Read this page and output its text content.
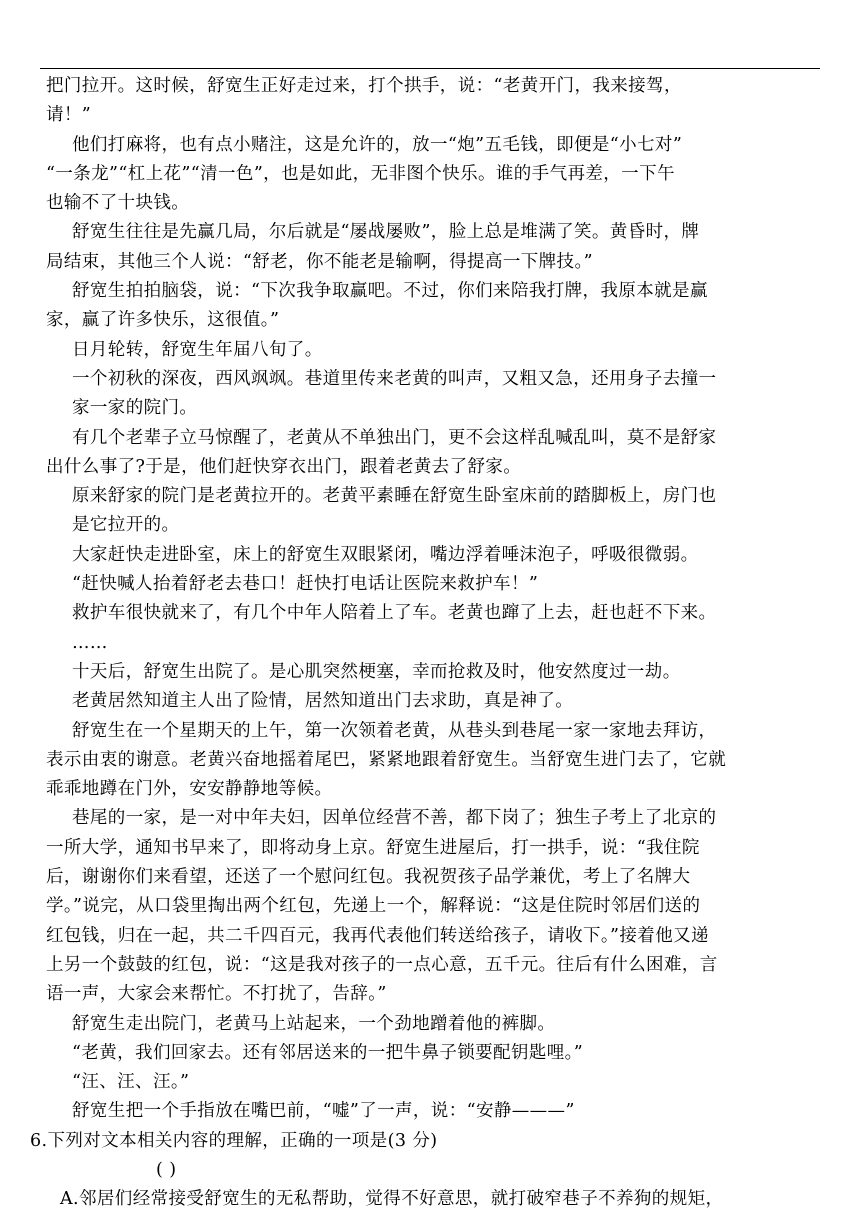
把门拉开。这时候，舒宽生正好走过来，打个拱手，说：“老黄开门，我来接驾，
请！”
他们打麻将，也有点小赌注，这是允许的，放一“炮”五毛钱，即便是“小七对”
“一条龙”“杠上花”“清一色”，也是如此，无非图个快乐。谁的手气再差，一下午
也输不了十块钱。
舒宽生往往是先赢几局，尔后就是“屡战屡败”，脸上总是堆满了笑。黄昏时，牌
局结束，其他三个人说：“舒老，你不能老是输啊，得提高一下牌技。”
舒宽生拍拍脑袋，说：“下次我争取赢吧。不过，你们来陪我打牌，我原本就是赢
家，赢了许多快乐，这很值。”
日月轮转，舒宽生年届八旬了。
一个初秋的深夜，西风飒飒。巷道里传来老黄的叫声，又粗又急，还用身子去撞一
家一家的院门。
有几个老辈子立马惊醒了，老黄从不单独出门，更不会这样乱喊乱叫，莫不是舒家
出什么事了?于是，他们赶快穿衣出门，跟着老黄去了舒家。
原来舒家的院门是老黄拉开的。老黄平素睡在舒宽生卧室床前的踏脚板上，房门也
是它拉开的。
大家赶快走进卧室，床上的舒宽生双眼紧闭，嘴边浮着唾沫泡子，呼吸很微弱。
“赶快喊人抬着舒老去巷口！赶快打电话让医院来救护车！”
救护车很快就来了，有几个中年人陪着上了车。老黄也蹿了上去，赶也赶不下来。
……
十天后，舒宽生出院了。是心肌突然梗塞，幸而抢救及时，他安然度过一劫。
老黄居然知道主人出了险情，居然知道出门去求助，真是神了。
舒宽生在一个星期天的上午，第一次领着老黄，从巷头到巷尾一家一家地去拜访，
表示由衷的谢意。老黄兴奋地摇着尾巴，紧紧地跟着舒宽生。当舒宽生进门去了，它就
乖乖地蹲在门外，安安静静地等候。
巷尾的一家，是一对中年夫妇，因单位经营不善，都下岗了；独生子考上了北京的
一所大学，通知书早来了，即将动身上京。舒宽生进屋后，打一拱手，说：“我住院
后，谢谢你们来看望，还送了一个慰问红包。我祝贺孩子品学兼优，考上了名牌大
学。”说完，从口袋里掏出两个红包，先递上一个，解释说：“这是住院时邻居们送的
红包钱，归在一起，共二千四百元，我再代表他们转送给孩子，请收下。”接着他又递
上另一个鼓鼓的红包，说：“这是我对孩子的一点心意，五千元。往后有什么困难，言
语一声，大家会来帮忙。不打扰了，告辞。”
舒宽生走出院门，老黄马上站起来，一个劲地蹭着他的裤脚。
“老黄，我们回家去。还有邻居送来的一把牛鼻子锁要配钥匙哩。”
“汪、汪、汪。”
舒宽生把一个手指放在嘴巴前，“嘘”了一声，说：“安静———”
6.下列对文本相关内容的理解，正确的一项是(3 分)
( )
A.邻居们经常接受舒宽生的无私帮助，觉得不好意思，就打破窄巷子不养狗的规矩，
